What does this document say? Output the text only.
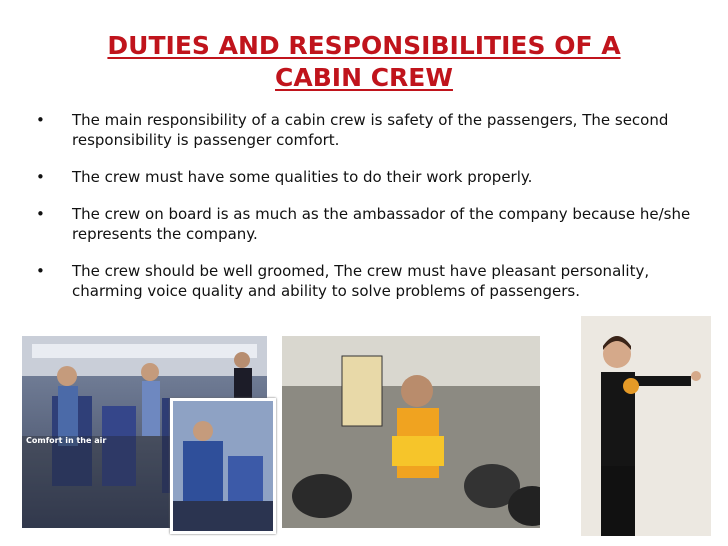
DUTIES AND RESPONSIBILITIES OF A
CABIN CREW
• The main responsibility of a cabin crew is safety of the passengers, The second responsibility is passenger comfort.
• The crew must have some qualities to do their work properly.
• The crew on board is as much as the ambassador of the company because he/she represents the company.
• The crew should be well groomed, The crew must have pleasant personality, charming voice quality and ability to solve problems of passengers.
Comfort in the air
